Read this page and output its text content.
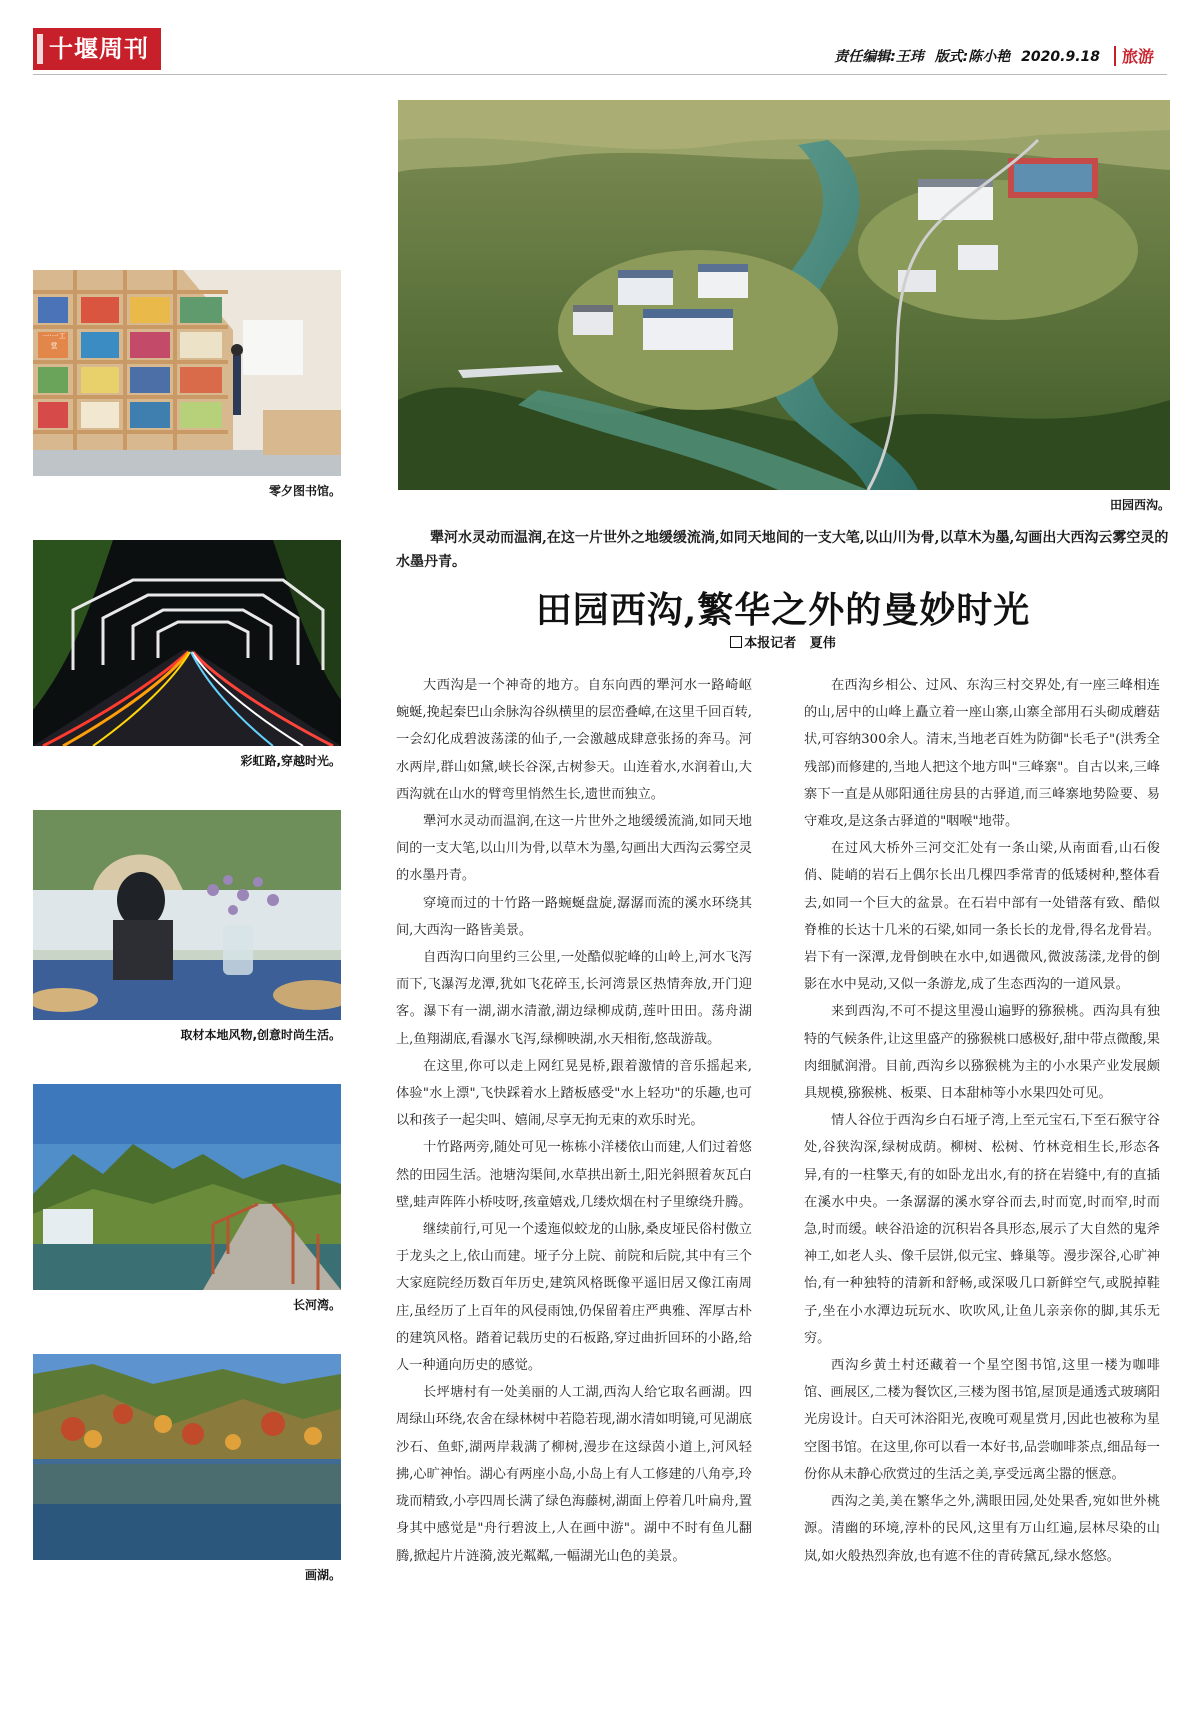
十堰周刊	责任编辑:王玮 版式:陈小艳 2020.9.18 旅游
田园西沟。
一·一工堂
零夕图书馆。
彩虹路,穿越时光。
取材本地风物,创意时尚生活。
长河湾。
画湖。
犟河水灵动而温润,在这一片世外之地缓缓流淌,如同天地间的一支大笔,以山川为骨,以草木为墨,勾画出大西沟云雾空灵的水墨丹青。
田园西沟,繁华之外的曼妙时光
本报记者 夏伟

大西沟是一个神奇的地方。自东向西的犟河水一路崎岖蜿蜒,挽起秦巴山余脉沟谷纵横里的层峦叠嶂,在这里千回百转,一会幻化成碧波荡漾的仙子,一会激越成肆意张扬的奔马。河水两岸,群山如黛,峡长谷深,古树参天。山连着水,水润着山,大西沟就在山水的臂弯里悄然生长,遗世而独立。

犟河水灵动而温润,在这一片世外之地缓缓流淌,如同天地间的一支大笔,以山川为骨,以草木为墨,勾画出大西沟云雾空灵的水墨丹青。

穿境而过的十竹路一路蜿蜒盘旋,潺潺而流的溪水环绕其间,大西沟一路皆美景。

自西沟口向里约三公里,一处酷似驼峰的山岭上,河水飞泻而下,飞瀑泻龙潭,犹如飞花碎玉,长河湾景区热情奔放,开门迎客。瀑下有一湖,湖水清澈,湖边绿柳成荫,莲叶田田。荡舟湖上,鱼翔湖底,看瀑水飞泻,绿柳映湖,水天相衔,悠哉游哉。

在这里,你可以走上网红晃晃桥,跟着激情的音乐摇起来,体验"水上漂",飞快踩着水上踏板感受"水上轻功"的乐趣,也可以和孩子一起尖叫、嬉闹,尽享无拘无束的欢乐时光。

十竹路两旁,随处可见一栋栋小洋楼依山而建,人们过着悠然的田园生活。池塘沟渠间,水草拱出新土,阳光斜照着灰瓦白壁,蛙声阵阵小桥吱呀,孩童嬉戏,几缕炊烟在村子里缭绕升腾。

继续前行,可见一个逶迤似蛟龙的山脉,桑皮垭民俗村傲立于龙头之上,依山而建。垭子分上院、前院和后院,其中有三个大家庭院经历数百年历史,建筑风格既像平遥旧居又像江南周庄,虽经历了上百年的风侵雨蚀,仍保留着庄严典雅、浑厚古朴的建筑风格。踏着记载历史的石板路,穿过曲折回环的小路,给人一种通向历史的感觉。

长坪塘村有一处美丽的人工湖,西沟人给它取名画湖。四周绿山环绕,农舍在绿林树中若隐若现,湖水清如明镜,可见湖底沙石、鱼虾,湖两岸栽满了柳树,漫步在这绿茵小道上,河风轻拂,心旷神怡。湖心有两座小岛,小岛上有人工修建的八角亭,玲珑而精致,小亭四周长满了绿色海藤树,湖面上停着几叶扁舟,置身其中感觉是"舟行碧波上,人在画中游"。湖中不时有鱼儿翻腾,掀起片片涟漪,波光粼粼,一幅湖光山色的美景。

在西沟乡相公、过风、东沟三村交界处,有一座三峰相连的山,居中的山峰上矗立着一座山寨,山寨全部用石头砌成蘑菇状,可容纳300余人。清末,当地老百姓为防御"长毛子"(洪秀全残部)而修建的,当地人把这个地方叫"三峰寨"。自古以来,三峰寨下一直是从郧阳通往房县的古驿道,而三峰寨地势险要、易守难攻,是这条古驿道的"咽喉"地带。

在过风大桥外三河交汇处有一条山梁,从南面看,山石俊俏、陡峭的岩石上偶尔长出几棵四季常青的低矮树种,整体看去,如同一个巨大的盆景。在石岩中部有一处错落有致、酷似脊椎的长达十几米的石梁,如同一条长长的龙骨,得名龙骨岩。岩下有一深潭,龙骨倒映在水中,如遇微风,微波荡漾,龙骨的倒影在水中晃动,又似一条游龙,成了生态西沟的一道风景。

来到西沟,不可不提这里漫山遍野的猕猴桃。西沟具有独特的气候条件,让这里盛产的猕猴桃口感极好,甜中带点微酸,果肉细腻润滑。目前,西沟乡以猕猴桃为主的小水果产业发展颇具规模,猕猴桃、板栗、日本甜柿等小水果四处可见。

情人谷位于西沟乡白石垭子湾,上至元宝石,下至石猴守谷处,谷狭沟深,绿树成荫。柳树、松树、竹林竞相生长,形态各异,有的一柱擎天,有的如卧龙出水,有的挤在岩缝中,有的直插在溪水中央。一条潺潺的溪水穿谷而去,时而宽,时而窄,时而急,时而缓。峡谷沿途的沉积岩各具形态,展示了大自然的鬼斧神工,如老人头、像千层饼,似元宝、蜂巢等。漫步深谷,心旷神怡,有一种独特的清新和舒畅,或深吸几口新鲜空气,或脱掉鞋子,坐在小水潭边玩玩水、吹吹风,让鱼儿亲亲你的脚,其乐无穷。

西沟乡黄土村还藏着一个星空图书馆,这里一楼为咖啡馆、画展区,二楼为餐饮区,三楼为图书馆,屋顶是通透式玻璃阳光房设计。白天可沐浴阳光,夜晚可观星赏月,因此也被称为星空图书馆。在这里,你可以看一本好书,品尝咖啡茶点,细品每一份你从未静心欣赏过的生活之美,享受远离尘嚣的惬意。

西沟之美,美在繁华之外,满眼田园,处处果香,宛如世外桃源。清幽的环境,淳朴的民风,这里有万山红遍,层林尽染的山岚,如火般热烈奔放,也有遮不住的青砖黛瓦,绿水悠悠。
